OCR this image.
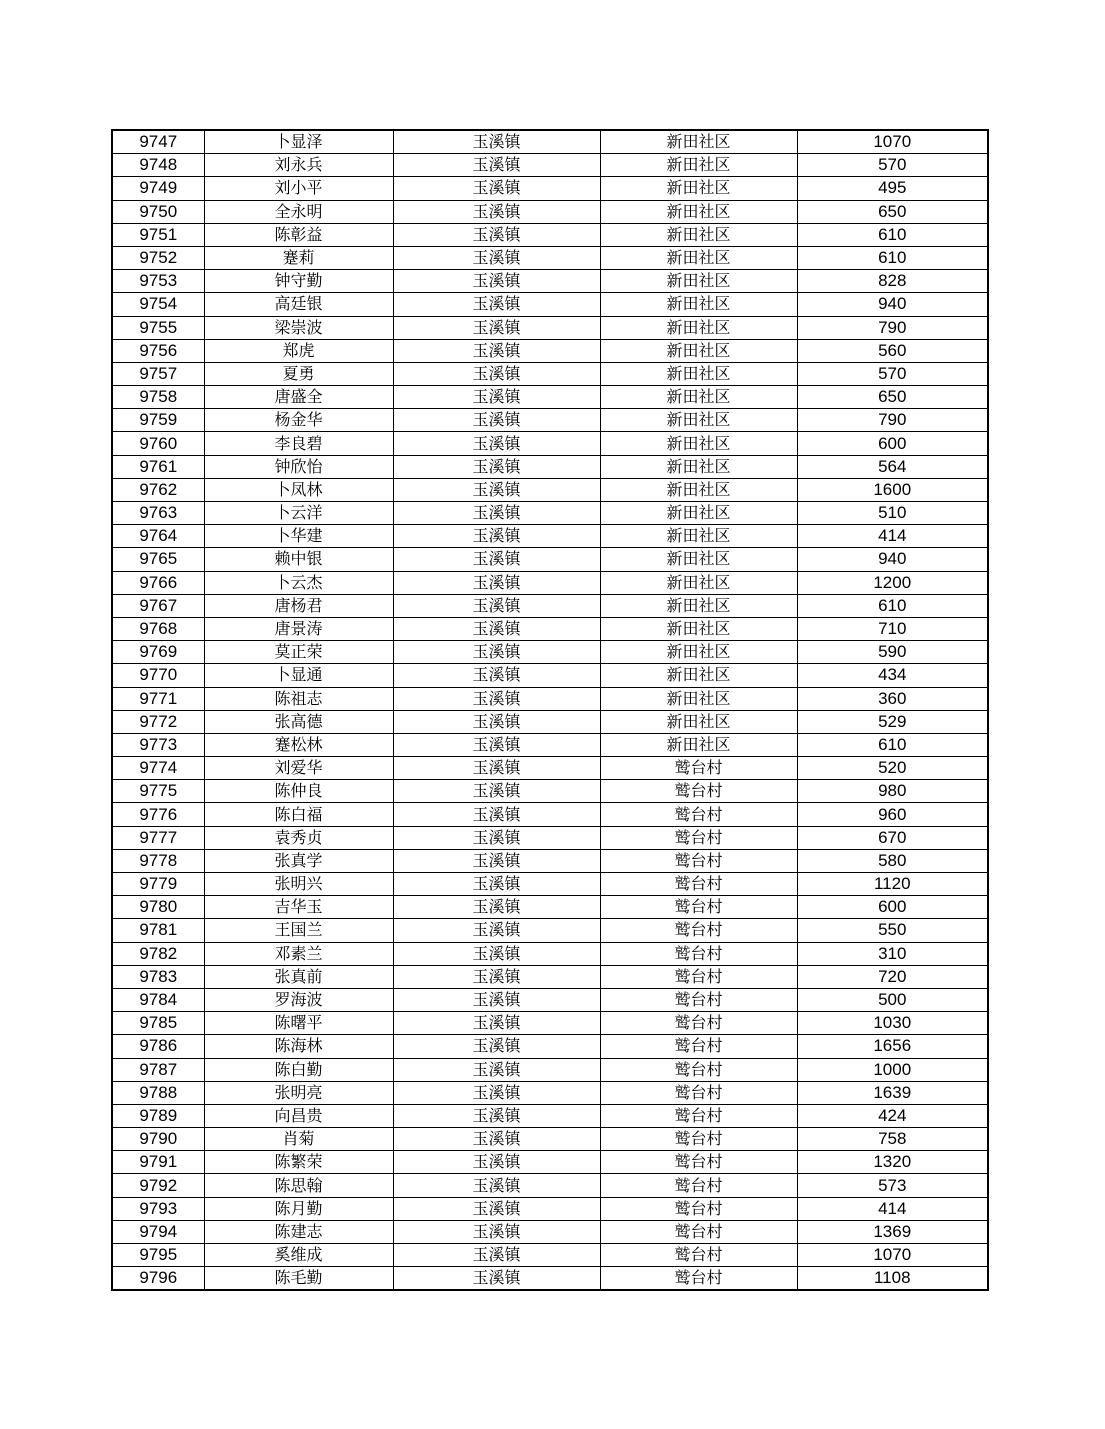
9747	卜显泽	玉溪镇	新田社区	1070
9748	刘永兵	玉溪镇	新田社区	570
9749	刘小平	玉溪镇	新田社区	495
9750	全永明	玉溪镇	新田社区	650
9751	陈彰益	玉溪镇	新田社区	610
9752	蹇莉	玉溪镇	新田社区	610
9753	钟守勤	玉溪镇	新田社区	828
9754	高廷银	玉溪镇	新田社区	940
9755	梁崇波	玉溪镇	新田社区	790
9756	郑虎	玉溪镇	新田社区	560
9757	夏勇	玉溪镇	新田社区	570
9758	唐盛全	玉溪镇	新田社区	650
9759	杨金华	玉溪镇	新田社区	790
9760	李良碧	玉溪镇	新田社区	600
9761	钟欣怡	玉溪镇	新田社区	564
9762	卜凤林	玉溪镇	新田社区	1600
9763	卜云洋	玉溪镇	新田社区	510
9764	卜华建	玉溪镇	新田社区	414
9765	赖中银	玉溪镇	新田社区	940
9766	卜云杰	玉溪镇	新田社区	1200
9767	唐杨君	玉溪镇	新田社区	610
9768	唐景涛	玉溪镇	新田社区	710
9769	莫正荣	玉溪镇	新田社区	590
9770	卜显通	玉溪镇	新田社区	434
9771	陈祖志	玉溪镇	新田社区	360
9772	张高德	玉溪镇	新田社区	529
9773	蹇松林	玉溪镇	新田社区	610
9774	刘爱华	玉溪镇	鹫台村	520
9775	陈仲良	玉溪镇	鹫台村	980
9776	陈白福	玉溪镇	鹫台村	960
9777	袁秀贞	玉溪镇	鹫台村	670
9778	张真学	玉溪镇	鹫台村	580
9779	张明兴	玉溪镇	鹫台村	1120
9780	吉华玉	玉溪镇	鹫台村	600
9781	王国兰	玉溪镇	鹫台村	550
9782	邓素兰	玉溪镇	鹫台村	310
9783	张真前	玉溪镇	鹫台村	720
9784	罗海波	玉溪镇	鹫台村	500
9785	陈曙平	玉溪镇	鹫台村	1030
9786	陈海林	玉溪镇	鹫台村	1656
9787	陈白勤	玉溪镇	鹫台村	1000
9788	张明亮	玉溪镇	鹫台村	1639
9789	向昌贵	玉溪镇	鹫台村	424
9790	肖菊	玉溪镇	鹫台村	758
9791	陈繁荣	玉溪镇	鹫台村	1320
9792	陈思翰	玉溪镇	鹫台村	573
9793	陈月勤	玉溪镇	鹫台村	414
9794	陈建志	玉溪镇	鹫台村	1369
9795	奚维成	玉溪镇	鹫台村	1070
9796	陈毛勤	玉溪镇	鹫台村	1108
